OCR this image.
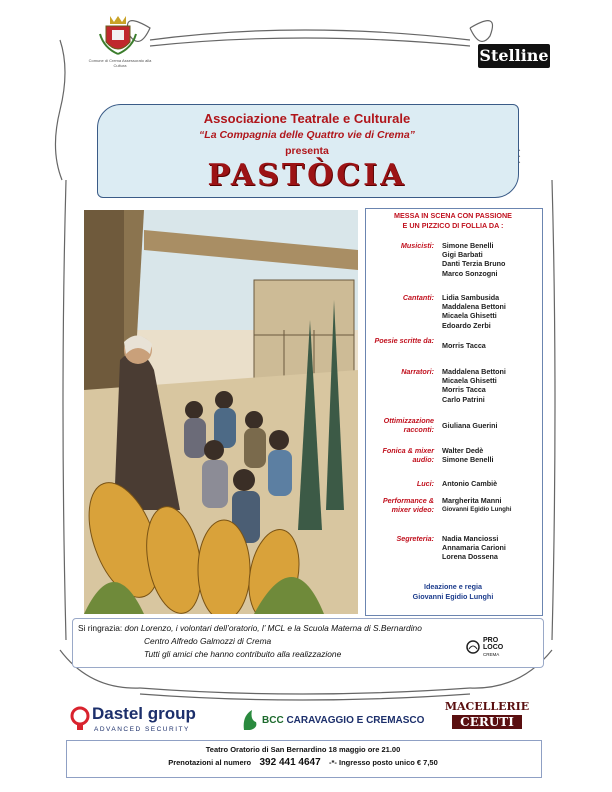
Comune di Crema Assessorato alla Cultura
Stelline
Associazione Teatrale e Culturale
“La Compagnia delle Quattro vie di Crema”
presenta
PASTÒCIA
MESSA IN SCENA CON PASSIONE
E UN PIZZICO DI FOLLIA DA :
Musicisti: Simone Benelli
Gigi Barbati
Danti Terzia Bruno
Marco Sonzogni
Cantanti: Lidia Sambusida
Maddalena Bettoni
Micaela Ghisetti
Edoardo Zerbi
Poesie scritte da:
Morris Tacca
Narratori: Maddalena Bettoni
Micaela Ghisetti
Morris Tacca
Carlo Patrini
Ottimizzazione racconti: Giuliana Guerini
Fonica & mixer audio:
Walter Dedè
Simone Benelli
Luci: Antonio Cambiè
Performance & mixer video:
Margherita Manni
Giovanni Egidio Lunghi
Segreteria: Nadia Manciossi
Annamaria Carioni
Lorena Dossena
Ideazione e regia
Giovanni Egidio Lunghi
Si ringrazia: don Lorenzo, i volontari dell’oratorio, l’ MCL e la Scuola Materna di S.Bernardino
Centro Alfredo Galmozzi di Crema
Tutti gli amici che hanno contribuito alla realizzazione
PRO
LOCO
CREMA
Dastel group
ADVANCED SECURITY
BCC CARAVAGGIO E CREMASCO
MACELLERIE
CERUTI
Teatro Oratorio di San Bernardino 18 maggio ore 21.00
Prenotazioni al numero 392 441 4647 -*- Ingresso posto unico € 7,50
